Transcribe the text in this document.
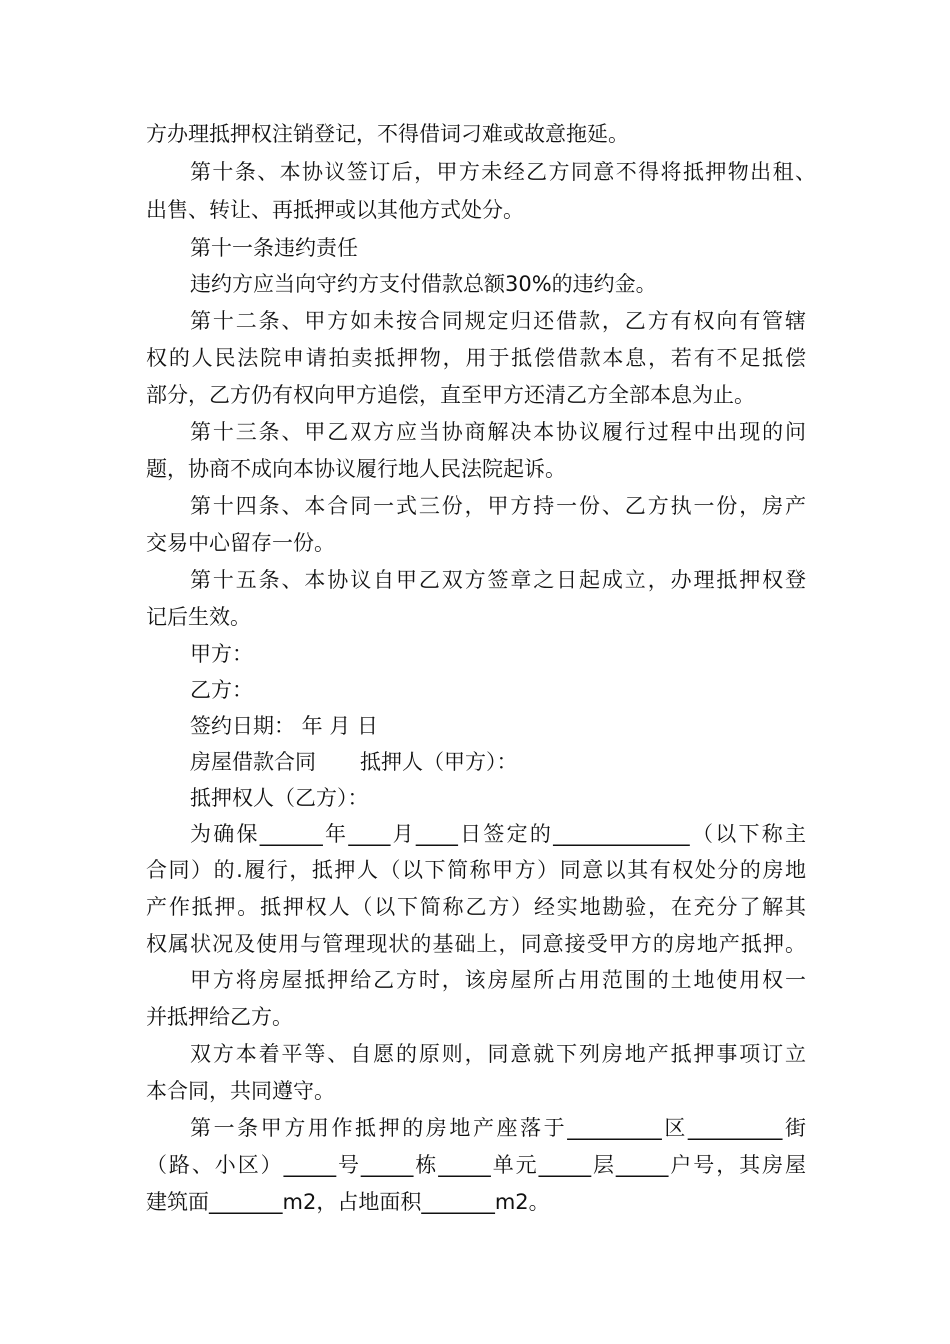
方办理抵押权注销登记，不得借词刁难或故意拖延。
第十条、本协议签订后，甲方未经乙方同意不得将抵押物出租、
出售、转让、再抵押或以其他方式处分。
第十一条违约责任
违约方应当向守约方支付借款总额30%的违约金。
第十二条、甲方如未按合同规定归还借款，乙方有权向有管辖
权的人民法院申请拍卖抵押物，用于抵偿借款本息，若有不足抵偿
部分，乙方仍有权向甲方追偿，直至甲方还清乙方全部本息为止。
第十三条、甲乙双方应当协商解决本协议履行过程中出现的问
题，协商不成向本协议履行地人民法院起诉。
第十四条、本合同一式三份，甲方持一份、乙方执一份，房产
交易中心留存一份。
第十五条、本协议自甲乙双方签章之日起成立，办理抵押权登
记后生效。
甲方：
乙方：
签约日期： 年 月 日
房屋借款合同 抵押人（甲方）：
抵押权人（乙方）：
为确保______年____月____日签定的_____________（以下称主
合同）的.履行，抵押人（以下简称甲方）同意以其有权处分的房地
产作抵押。抵押权人（以下简称乙方）经实地勘验，在充分了解其
权属状况及使用与管理现状的基础上，同意接受甲方的房地产抵押。
甲方将房屋抵押给乙方时，该房屋所占用范围的土地使用权一
并抵押给乙方。
双方本着平等、自愿的原则，同意就下列房地产抵押事项订立
本合同，共同遵守。
第一条甲方用作抵押的房地产座落于_________区_________街
（路、小区）_____号_____栋_____单元_____层_____户号，其房屋
建筑面_______m2，占地面积_______m2。
